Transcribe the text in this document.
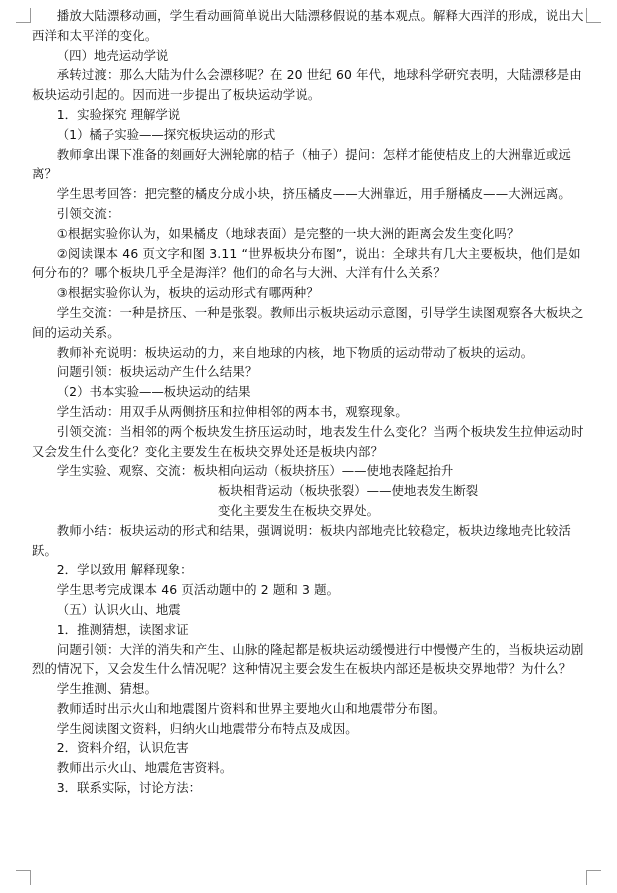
播放大陆漂移动画，学生看动画简单说出大陆漂移假说的基本观点。解释大西洋的形成，说出大西洋和太平洋的变化。

（四）地壳运动学说

承转过渡：那么大陆为什么会漂移呢？在 20 世纪 60 年代，地球科学研究表明，大陆漂移是由板块运动引起的。因而进一步提出了板块运动学说。

1．实验探究 理解学说

（1）橘子实验——探究板块运动的形式

教师拿出课下准备的刻画好大洲轮廓的桔子（柚子）提问：怎样才能使桔皮上的大洲靠近或远离？

学生思考回答：把完整的橘皮分成小块，挤压橘皮——大洲靠近，用手掰橘皮——大洲远离。

引领交流：

①根据实验你认为，如果橘皮（地球表面）是完整的一块大洲的距离会发生变化吗？

②阅读课本 46 页文字和图 3.11 “世界板块分布图”，说出：全球共有几大主要板块，他们是如何分布的？哪个板块几乎全是海洋？他们的命名与大洲、大洋有什么关系？

③根据实验你认为，板块的运动形式有哪两种？

学生交流：一种是挤压、一种是张裂。教师出示板块运动示意图，引导学生读图观察各大板块之间的运动关系。

教师补充说明：板块运动的力，来自地球的内核，地下物质的运动带动了板块的运动。

问题引领：板块运动产生什么结果？

（2）书本实验——板块运动的结果

学生活动：用双手从两侧挤压和拉伸相邻的两本书，观察现象。

引领交流：当相邻的两个板块发生挤压运动时，地表发生什么变化？当两个板块发生拉伸运动时又会发生什么变化？变化主要发生在板块交界处还是板块内部？

学生实验、观察、交流：板块相向运动（板块挤压）——使地表隆起抬升
板块相背运动（板块张裂）——使地表发生断裂
变化主要发生在板块交界处。

教师小结：板块运动的形式和结果，强调说明：板块内部地壳比较稳定，板块边缘地壳比较活跃。

2．学以致用 解释现象：

学生思考完成课本 46 页活动题中的 2 题和 3 题。

（五）认识火山、地震

1．推测猜想，读图求证

问题引领：大洋的消失和产生、山脉的隆起都是板块运动缓慢进行中慢慢产生的，当板块运动剧烈的情况下，又会发生什么情况呢？这种情况主要会发生在板块内部还是板块交界地带？为什么？

学生推测、猜想。

教师适时出示火山和地震图片资料和世界主要地火山和地震带分布图。

学生阅读图文资料，归纳火山地震带分布特点及成因。

2．资料介绍，认识危害

教师出示火山、地震危害资料。

3．联系实际，讨论方法：
